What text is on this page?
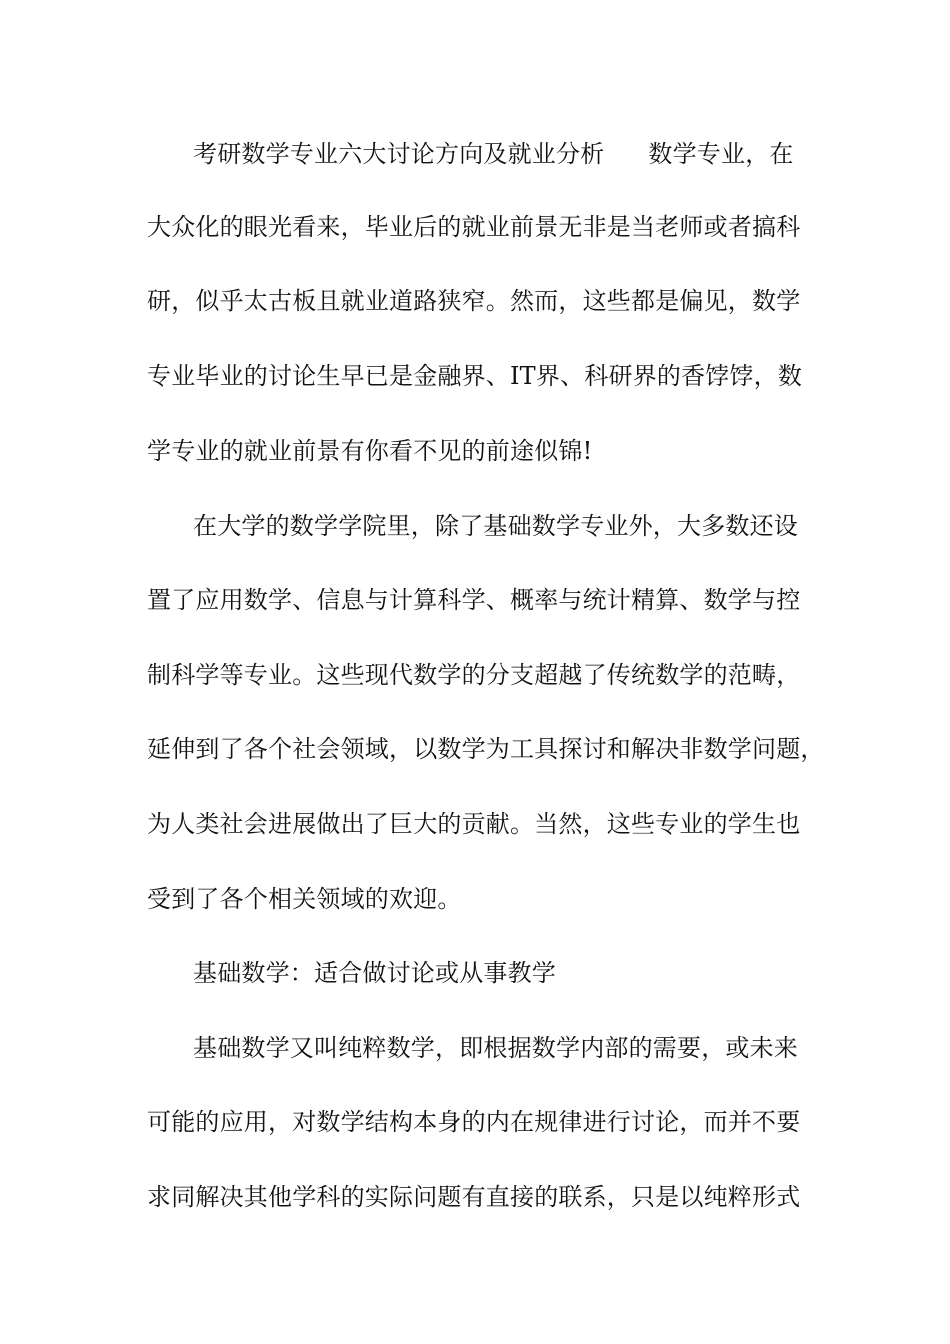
考研数学专业六大讨论方向及就业分析 数学专业，在
大众化的眼光看来，毕业后的就业前景无非是当老师或者搞科
研，似乎太古板且就业道路狭窄。然而，这些都是偏见，数学
专业毕业的讨论生早已是金融界、IT界、科研界的香饽饽，数
学专业的就业前景有你看不见的前途似锦!
在大学的数学学院里，除了基础数学专业外，大多数还设
置了应用数学、信息与计算科学、概率与统计精算、数学与控
制科学等专业。这些现代数学的分支超越了传统数学的范畴，
延伸到了各个社会领域，以数学为工具探讨和解决非数学问题，
为人类社会进展做出了巨大的贡献。当然，这些专业的学生也
受到了各个相关领域的欢迎。
基础数学：适合做讨论或从事教学
基础数学又叫纯粹数学，即根据数学内部的需要，或未来
可能的应用，对数学结构本身的内在规律进行讨论，而并不要
求同解决其他学科的实际问题有直接的联系，只是以纯粹形式
